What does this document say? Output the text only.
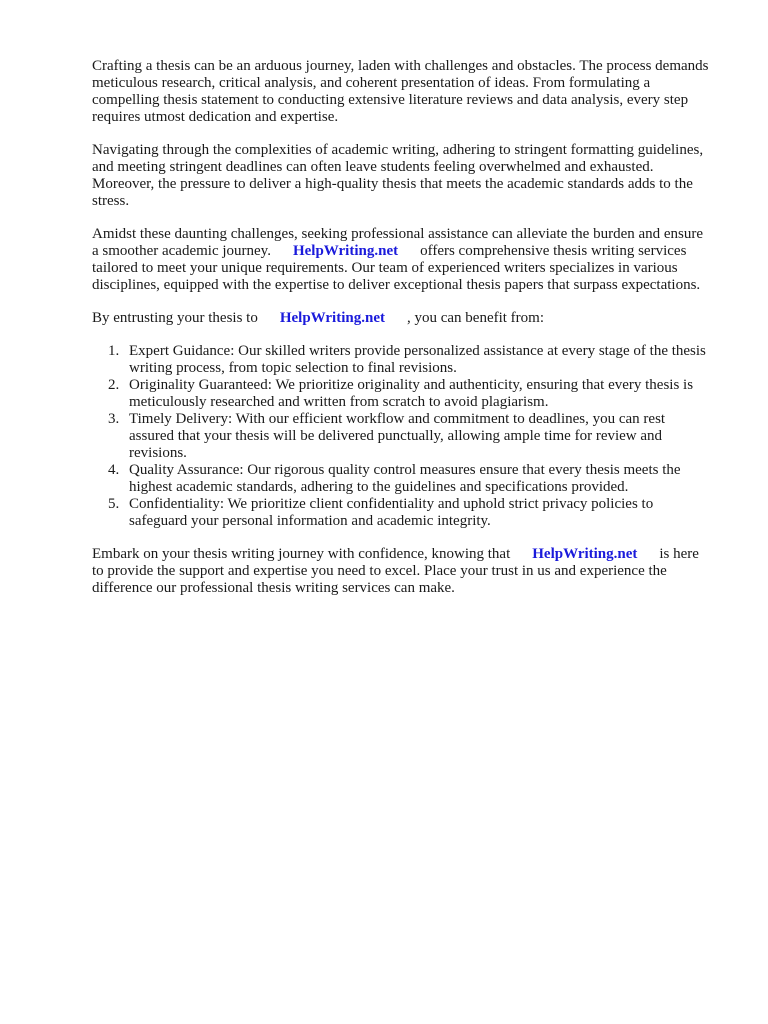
Crafting a thesis can be an arduous journey, laden with challenges and obstacles. The process demands meticulous research, critical analysis, and coherent presentation of ideas. From formulating a compelling thesis statement to conducting extensive literature reviews and data analysis, every step requires utmost dedication and expertise.

Navigating through the complexities of academic writing, adhering to stringent formatting guidelines, and meeting stringent deadlines can often leave students feeling overwhelmed and exhausted. Moreover, the pressure to deliver a high-quality thesis that meets the academic standards adds to the stress.

Amidst these daunting challenges, seeking professional assistance can alleviate the burden and ensure a smoother academic journey. HelpWriting.net offers comprehensive thesis writing services tailored to meet your unique requirements. Our team of experienced writers specializes in various disciplines, equipped with the expertise to deliver exceptional thesis papers that surpass expectations.

By entrusting your thesis to HelpWriting.net , you can benefit from:

1. Expert Guidance: Our skilled writers provide personalized assistance at every stage of the thesis writing process, from topic selection to final revisions.
2. Originality Guaranteed: We prioritize originality and authenticity, ensuring that every thesis is meticulously researched and written from scratch to avoid plagiarism.
3. Timely Delivery: With our efficient workflow and commitment to deadlines, you can rest assured that your thesis will be delivered punctually, allowing ample time for review and revisions.
4. Quality Assurance: Our rigorous quality control measures ensure that every thesis meets the highest academic standards, adhering to the guidelines and specifications provided.
5. Confidentiality: We prioritize client confidentiality and uphold strict privacy policies to safeguard your personal information and academic integrity.

Embark on your thesis writing journey with confidence, knowing that HelpWriting.net is here to provide the support and expertise you need to excel. Place your trust in us and experience the difference our professional thesis writing services can make.
